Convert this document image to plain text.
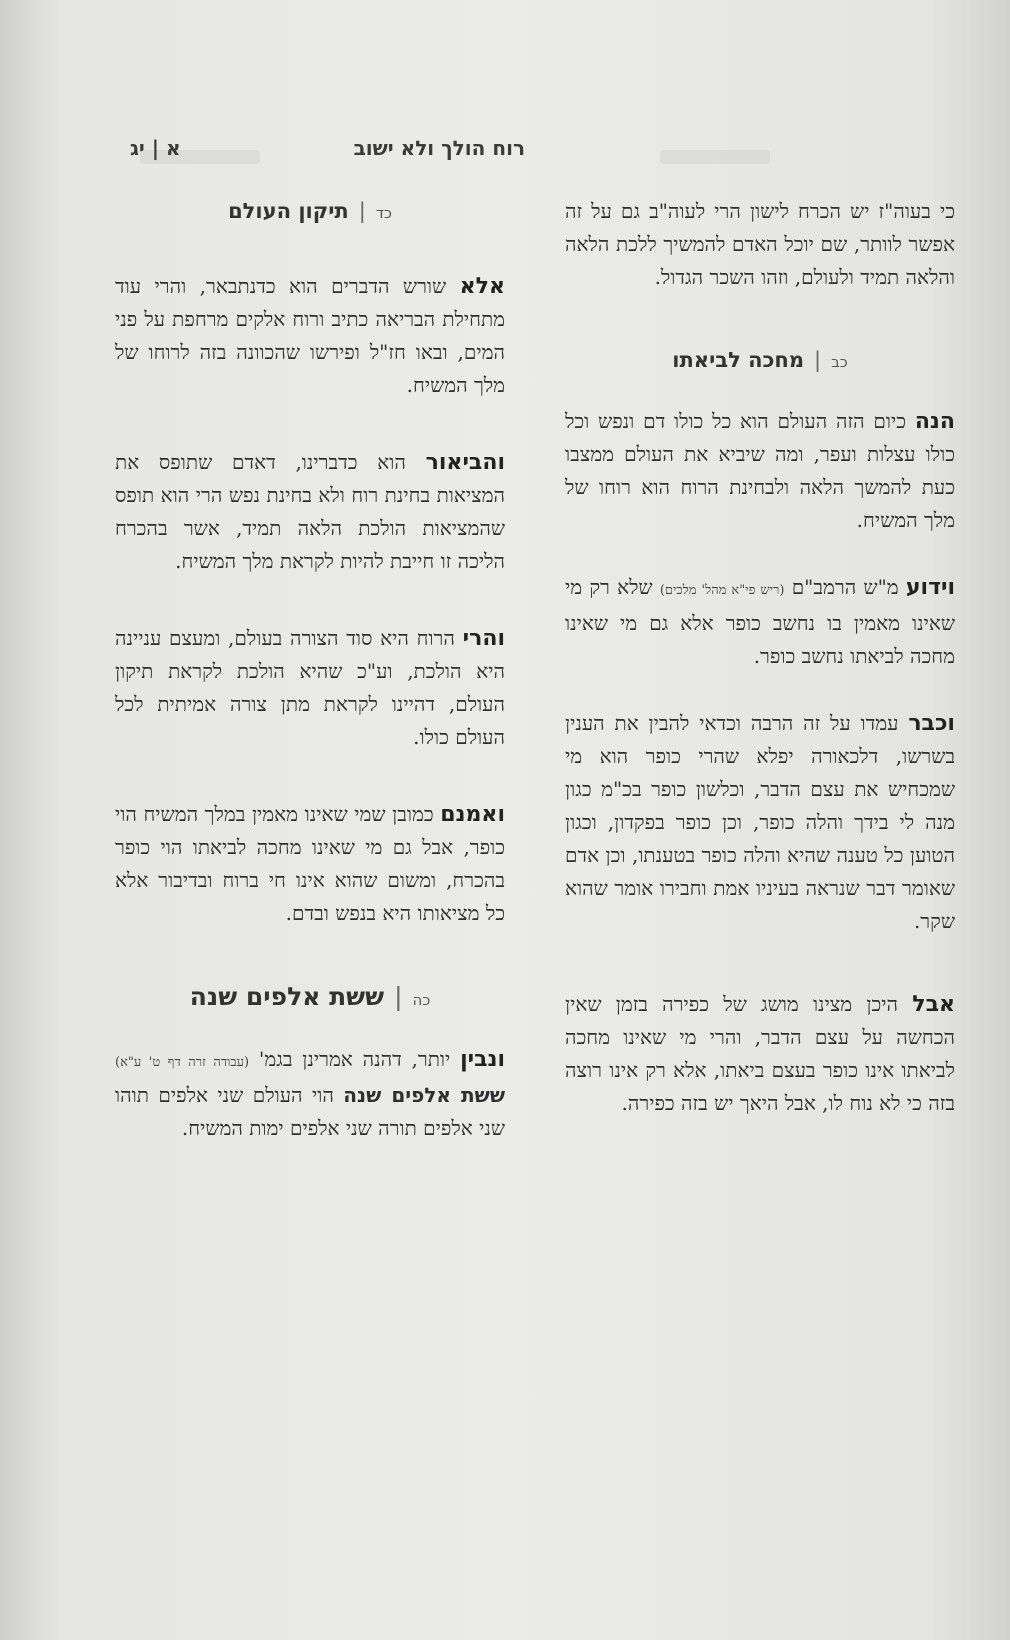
רוח הולך ולא ישוב
א | יג

כי בעוה"ז יש הכרח לישון הרי לעוה"ב גם על זה אפשר לוותר, שם יוכל האדם להמשיך ללכת הלאה והלאה תמיד ולעולם, וזהו השכר הגדול.

כב|מחכה לביאתו

הנה כיום הזה העולם הוא כל כולו דם ונפש וכל כולו עצלות ועפר, ומה שיביא את העולם ממצבו כעת להמשך הלאה ולבחינת הרוח הוא רוחו של מלך המשיח.

וידוע מ"ש הרמב"ם (ריש פי"א מהל' מלכים) שלא רק מי שאינו מאמין בו נחשב כופר אלא גם מי שאינו מחכה לביאתו נחשב כופר.

וכבר עמדו על זה הרבה וכדאי להבין את הענין בשרשו, דלכאורה יפלא שהרי כופר הוא מי שמכחיש את עצם הדבר, וכלשון כופר בכ"מ כגון מנה לי בידך והלה כופר, וכן כופר בפקדון, וכגון הטוען כל טענה שהיא והלה כופר בטענתו, וכן אדם שאומר דבר שנראה בעיניו אמת וחבירו אומר שהוא שקר.

אבל היכן מצינו מושג של כפירה בזמן שאין הכחשה על עצם הדבר, והרי מי שאינו מחכה לביאתו אינו כופר בעצם ביאתו, אלא רק אינו רוצה בזה כי לא נוח לו, אבל היאך יש בזה כפירה.

כד|תיקון העולם

אלא שורש הדברים הוא כדנתבאר, והרי עוד מתחילת הבריאה כתיב ורוח אלקים מרחפת על פני המים, ובאו חז"ל ופירשו שהכוונה בזה לרוחו של מלך המשיח.

והביאור הוא כדברינו, דאדם שתופס את המציאות בחינת רוח ולא בחינת נפש הרי הוא תופס שהמציאות הולכת הלאה תמיד, אשר בהכרח הליכה זו חייבת להיות לקראת מלך המשיח.

והרי הרוח היא סוד הצורה בעולם, ומעצם עניינה היא הולכת, וע"כ שהיא הולכת לקראת תיקון העולם, דהיינו לקראת מתן צורה אמיתית לכל העולם כולו.

ואמנם כמובן שמי שאינו מאמין במלך המשיח הוי כופר, אבל גם מי שאינו מחכה לביאתו הוי כופר בהכרח, ומשום שהוא אינו חי ברוח ובדיבור אלא כל מציאותו היא בנפש ובדם.

כה|ששת אלפים שנה

ונבין יותר, דהנה אמרינן בגמ' (עבודה זרה דף ט' ע"א) ששת אלפים שנה הוי העולם שני אלפים תוהו שני אלפים תורה שני אלפים ימות המשיח.
